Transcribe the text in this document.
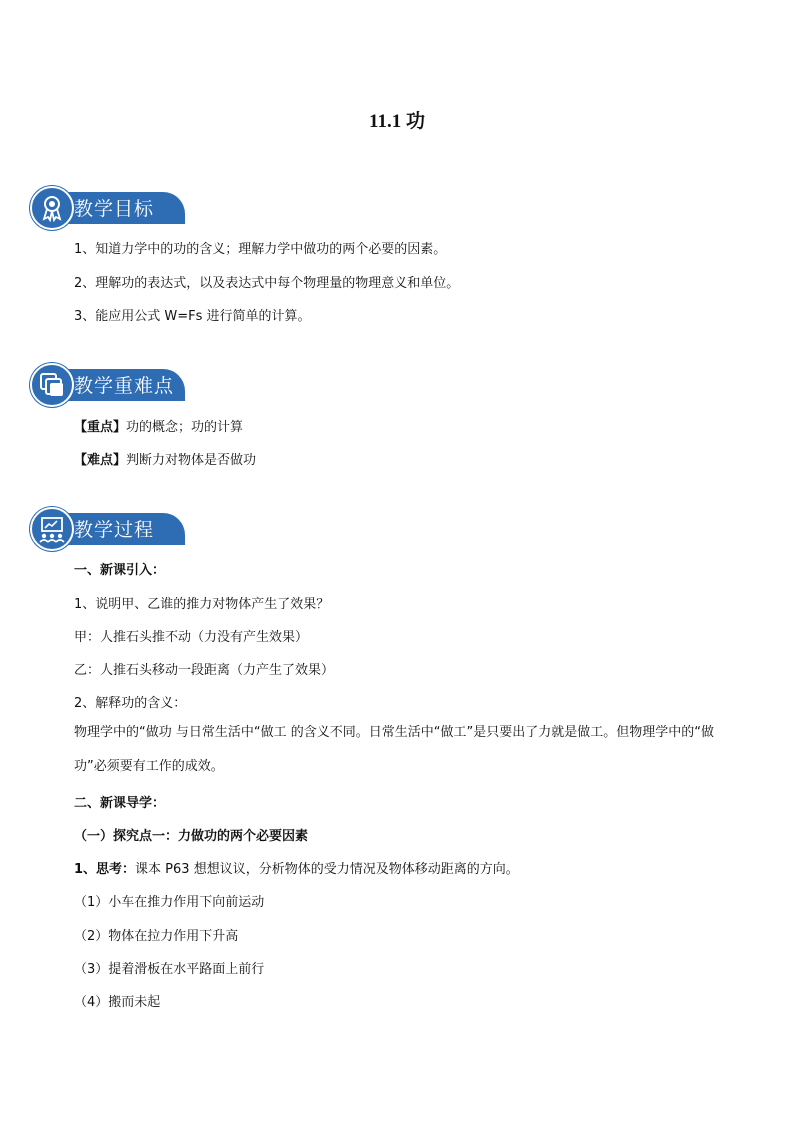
11.1 功
教学目标
1、知道力学中的功的含义；理解力学中做功的两个必要的因素。
2、理解功的表达式，以及表达式中每个物理量的物理意义和单位。
3、能应用公式 W=Fs 进行简单的计算。
教学重难点
【重点】功的概念；功的计算
【难点】判断力对物体是否做功
教学过程
一、新课引入：
1、说明甲、乙谁的推力对物体产生了效果？
甲：人推石头推不动（力没有产生效果）
乙：人推石头移动一段距离（力产生了效果）
2、解释功的含义：
物理学中的“做功 与日常生活中“做工 的含义不同。日常生活中“做工”是只要出了力就是做工。但物理学中的“做功”必须要有工作的成效。
二、新课导学：
（一）探究点一：力做功的两个必要因素
1、思考：课本 P63 想想议议，分析物体的受力情况及物体移动距离的方向。
（1）小车在推力作用下向前运动
（2）物体在拉力作用下升高
（3）提着滑板在水平路面上前行
（4）搬而未起
